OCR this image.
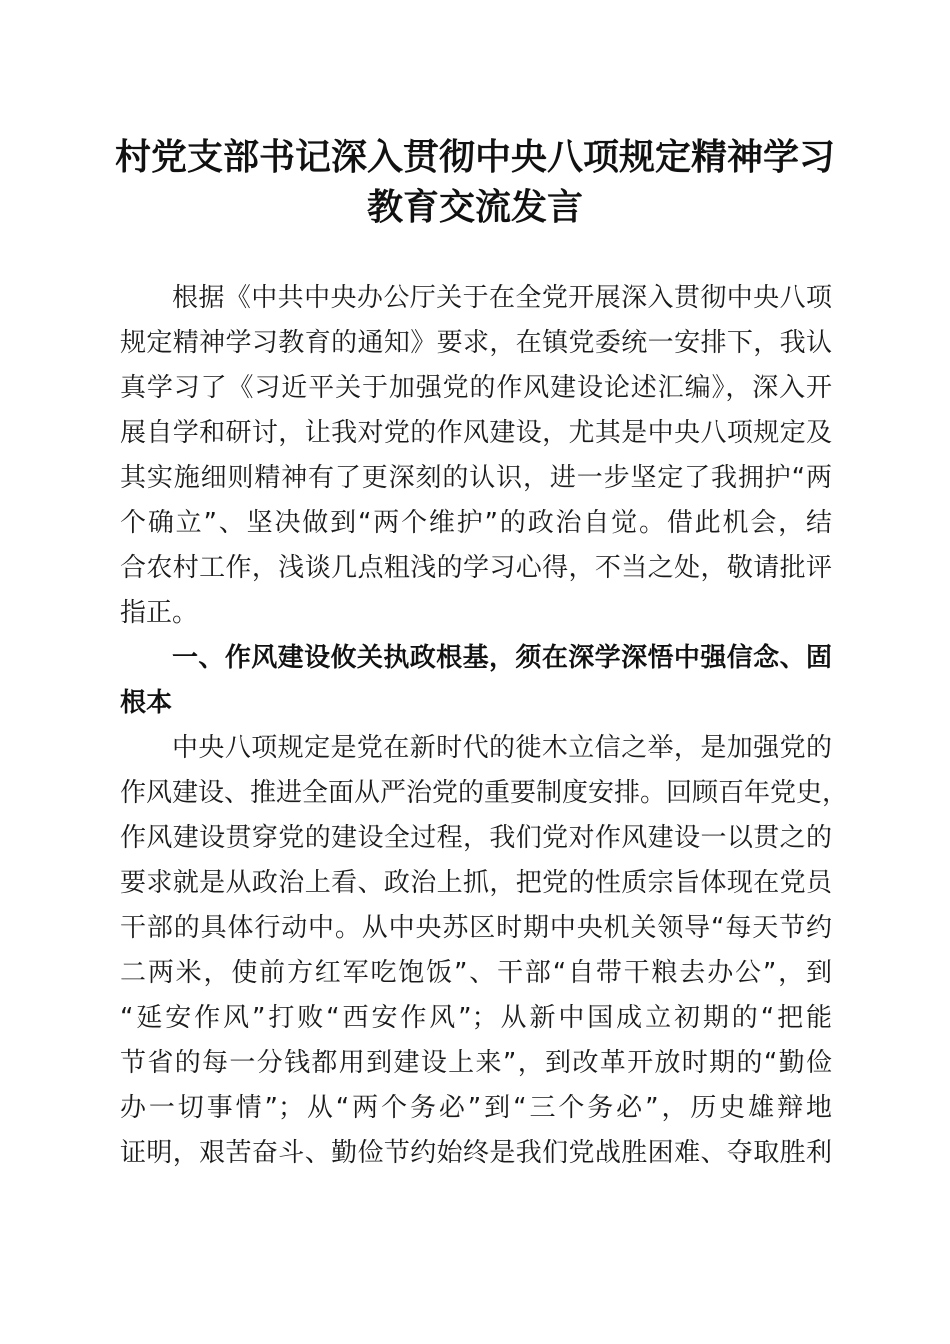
村党支部书记深入贯彻中央八项规定精神学习
教育交流发言
根据《中共中央办公厅关于在全党开展深入贯彻中央八项
规定精神学习教育的通知》要求，在镇党委统一安排下，我认
真学习了《习近平关于加强党的作风建设论述汇编》，深入开
展自学和研讨，让我对党的作风建设，尤其是中央八项规定及
其实施细则精神有了更深刻的认识，进一步坚定了我拥护“两
个确立”、坚决做到“两个维护”的政治自觉。借此机会，结
合农村工作，浅谈几点粗浅的学习心得，不当之处，敬请批评
指正。
一、作风建设攸关执政根基，须在深学深悟中强信念、固
根本
中央八项规定是党在新时代的徙木立信之举，是加强党的
作风建设、推进全面从严治党的重要制度安排。回顾百年党史，
作风建设贯穿党的建设全过程，我们党对作风建设一以贯之的
要求就是从政治上看、政治上抓，把党的性质宗旨体现在党员
干部的具体行动中。从中央苏区时期中央机关领导“每天节约
二两米，使前方红军吃饱饭”、干部“自带干粮去办公”，到
“延安作风”打败“西安作风”；从新中国成立初期的“把能
节省的每一分钱都用到建设上来”，到改革开放时期的“勤俭
办一切事情”；从“两个务必”到“三个务必”，历史雄辩地
证明，艰苦奋斗、勤俭节约始终是我们党战胜困难、夺取胜利
